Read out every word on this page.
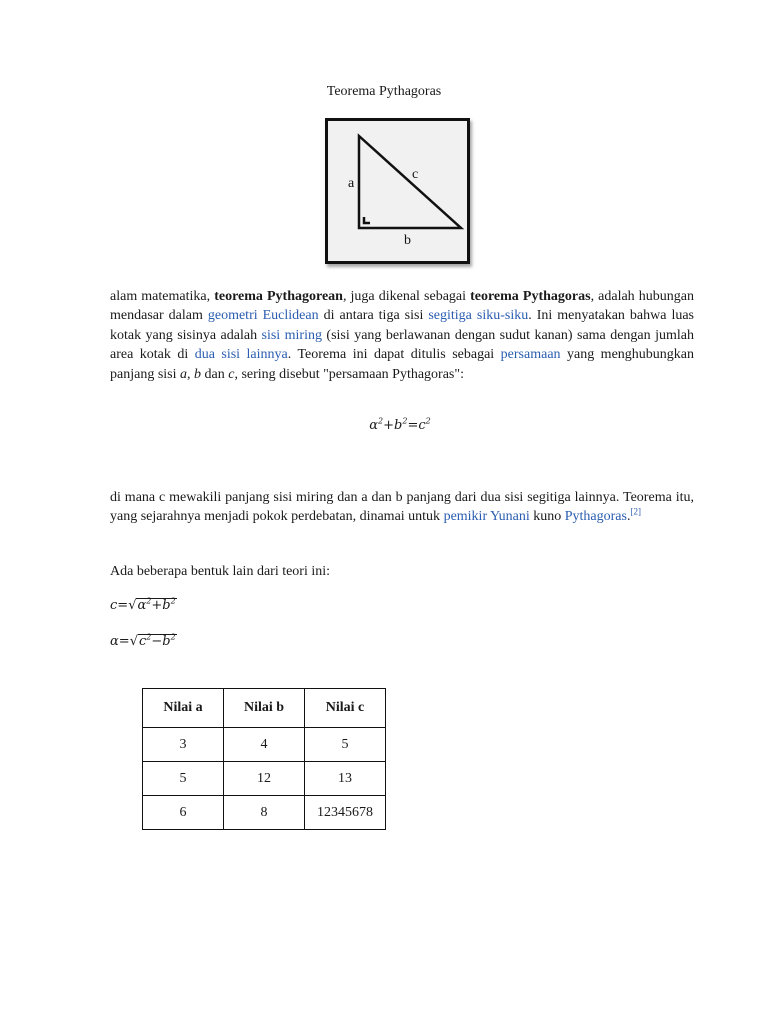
Teorema Pythagoras
a
c
b

alam matematika, teorema Pythagorean, juga dikenal sebagai teorema Pythagoras, adalah hubungan mendasar dalam geometri Euclidean di antara tiga sisi segitiga siku-siku. Ini menyatakan bahwa luas kotak yang sisinya adalah sisi miring (sisi yang berlawanan dengan sudut kanan) sama dengan jumlah area kotak di dua sisi lainnya. Teorema ini dapat ditulis sebagai persamaan yang menghubungkan panjang sisi a, b dan c, sering disebut "persamaan Pythagoras":

$\alpha^2+b^2=c^2$

di mana c mewakili panjang sisi miring dan a dan b panjang dari dua sisi segitiga lainnya. Teorema itu, yang sejarahnya menjadi pokok perdebatan, dinamai untuk pemikir Yunani kuno Pythagoras.[2]

Ada beberapa bentuk lain dari teori ini:

$c=√\alpha^2+b^2$
$\alpha=√c^2-b^2$
Nilai a	Nilai b	Nilai c
3	4	5
5	12	13
6	8	12345678
